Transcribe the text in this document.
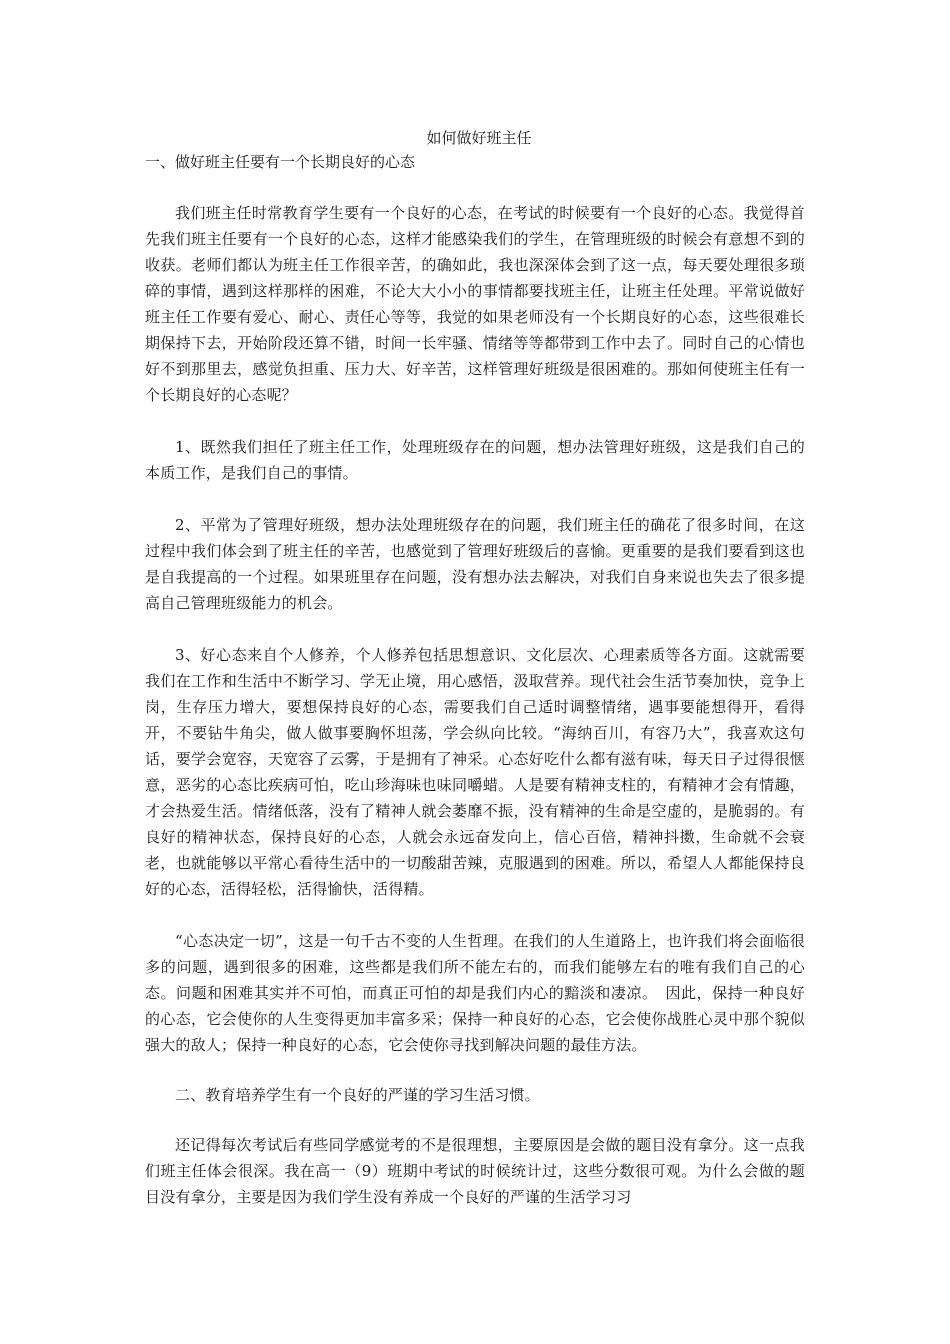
如何做好班主任
一、做好班主任要有一个长期良好的心态

我们班主任时常教育学生要有一个良好的心态，在考试的时候要有一个良好的心态。我觉得首先我们班主任要有一个良好的心态，这样才能感染我们的学生，在管理班级的时候会有意想不到的收获。老师们都认为班主任工作很辛苦，的确如此，我也深深体会到了这一点，每天要处理很多琐碎的事情，遇到这样那样的困难，不论大大小小的事情都要找班主任，让班主任处理。平常说做好班主任工作要有爱心、耐心、责任心等等，我觉的如果老师没有一个长期良好的心态，这些很难长期保持下去，开始阶段还算不错，时间一长牢骚、情绪等等都带到工作中去了。同时自己的心情也好不到那里去，感觉负担重、压力大、好辛苦，这样管理好班级是很困难的。那如何使班主任有一个长期良好的心态呢？

1、既然我们担任了班主任工作，处理班级存在的问题，想办法管理好班级，这是我们自己的本质工作，是我们自己的事情。

2、平常为了管理好班级，想办法处理班级存在的问题，我们班主任的确花了很多时间，在这过程中我们体会到了班主任的辛苦，也感觉到了管理好班级后的喜愉。更重要的是我们要看到这也是自我提高的一个过程。如果班里存在问题，没有想办法去解决，对我们自身来说也失去了很多提高自己管理班级能力的机会。

3、好心态来自个人修养，个人修养包括思想意识、文化层次、心理素质等各方面。这就需要我们在工作和生活中不断学习、学无止境，用心感悟，汲取营养。现代社会生活节奏加快，竞争上岗，生存压力增大，要想保持良好的心态，需要我们自己适时调整情绪，遇事要能想得开，看得开，不要钻牛角尖，做人做事要胸怀坦荡，学会纵向比较。“海纳百川，有容乃大”，我喜欢这句话，要学会宽容，天宽容了云雾，于是拥有了神采。心态好吃什么都有滋有味，每天日子过得很惬意，恶劣的心态比疾病可怕，吃山珍海味也味同嚼蜡。人是要有精神支柱的，有精神才会有情趣，才会热爱生活。情绪低落，没有了精神人就会萎靡不振，没有精神的生命是空虚的，是脆弱的。有良好的精神状态，保持良好的心态，人就会永远奋发向上，信心百倍，精神抖擞，生命就不会衰老，也就能够以平常心看待生活中的一切酸甜苦辣，克服遇到的困难。所以，希望人人都能保持良好的心态，活得轻松，活得愉快，活得精。

“心态决定一切”，这是一句千古不变的人生哲理。在我们的人生道路上，也许我们将会面临很多的问题，遇到很多的困难，这些都是我们所不能左右的，而我们能够左右的唯有我们自己的心态。问题和困难其实并不可怕，而真正可怕的却是我们内心的黯淡和凄凉。　因此，保持一种良好的心态，它会使你的人生变得更加丰富多采；保持一种良好的心态，它会使你战胜心灵中那个貌似强大的敌人；保持一种良好的心态，它会使你寻找到解决问题的最佳方法。

二、教育培养学生有一个良好的严谨的学习生活习惯。

还记得每次考试后有些同学感觉考的不是很理想，主要原因是会做的题目没有拿分。这一点我们班主任体会很深。我在高一（9）班期中考试的时候统计过，这些分数很可观。为什么会做的题目没有拿分，主要是因为我们学生没有养成一个良好的严谨的生活学习习
